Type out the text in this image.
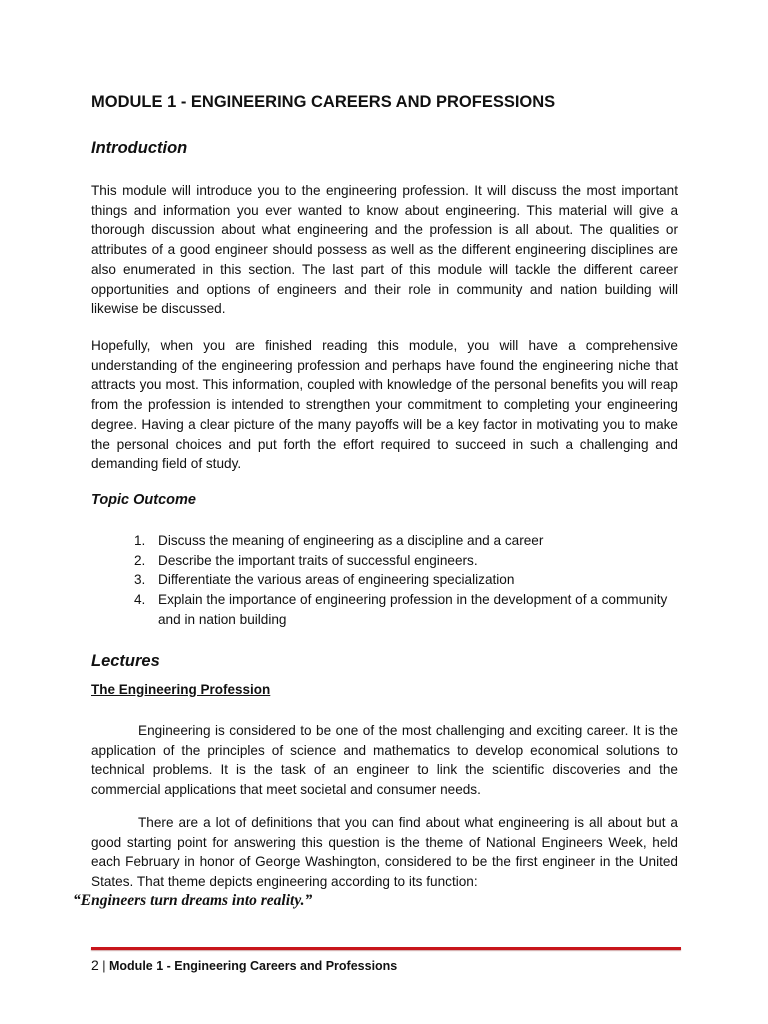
MODULE 1 - ENGINEERING CAREERS AND PROFESSIONS
Introduction

This module will introduce you to the engineering profession. It will discuss the most important things and information you ever wanted to know about engineering. This material will give a thorough discussion about what engineering and the profession is all about. The qualities or attributes of a good engineer should possess as well as the different engineering disciplines are also enumerated in this section. The last part of this module will tackle the different career opportunities and options of engineers and their role in community and nation building will likewise be discussed.

Hopefully, when you are finished reading this module, you will have a comprehensive understanding of the engineering profession and perhaps have found the engineering niche that attracts you most. This information, coupled with knowledge of the personal benefits you will reap from the profession is intended to strengthen your commitment to completing your engineering degree. Having a clear picture of the many payoffs will be a key factor in motivating you to make the personal choices and put forth the effort required to succeed in such a challenging and demanding field of study.

Topic Outcome
1. Discuss the meaning of engineering as a discipline and a career
2. Describe the important traits of successful engineers.
3. Differentiate the various areas of engineering specialization
4. Explain the importance of engineering profession in the development of a community and in nation building
Lectures
The Engineering Profession

Engineering is considered to be one of the most challenging and exciting career. It is the application of the principles of science and mathematics to develop economical solutions to technical problems. It is the task of an engineer to link the scientific discoveries and the commercial applications that meet societal and consumer needs.

There are a lot of definitions that you can find about what engineering is all about but a good starting point for answering this question is the theme of National Engineers Week, held each February in honor of George Washington, considered to be the first engineer in the United States. That theme depicts engineering according to its function:

“Engineers turn dreams into reality.”
2 | Module 1 - Engineering Careers and Professions
